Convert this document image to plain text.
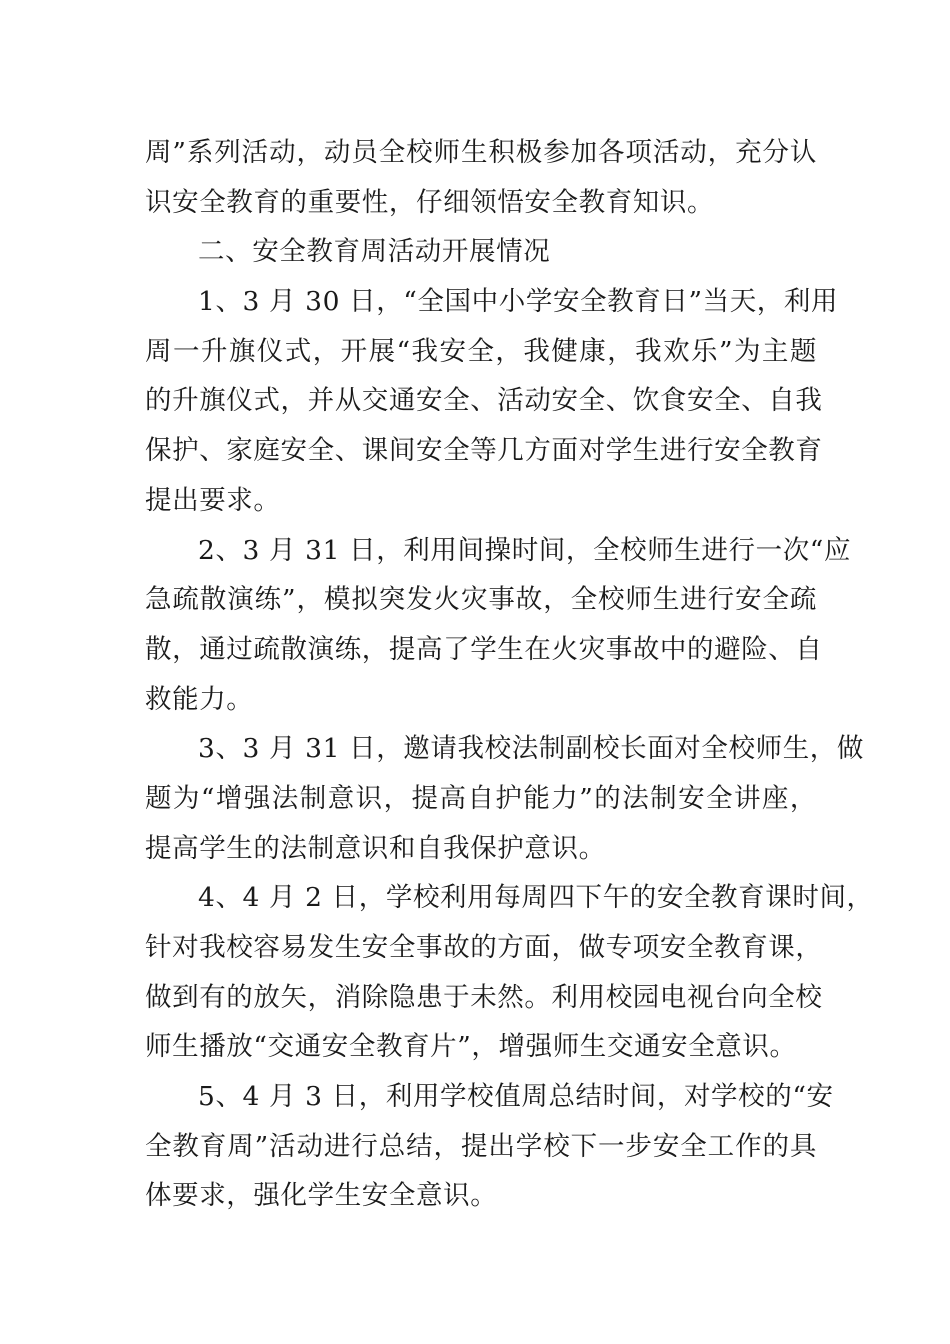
周”系列活动，动员全校师生积极参加各项活动，充分认
识安全教育的重要性，仔细领悟安全教育知识。
二、安全教育周活动开展情况
1、3 月 30 日，“全国中小学安全教育日”当天，利用
周一升旗仪式，开展“我安全，我健康，我欢乐”为主题
的升旗仪式，并从交通安全、活动安全、饮食安全、自我
保护、家庭安全、课间安全等几方面对学生进行安全教育
提出要求。
2、3 月 31 日，利用间操时间，全校师生进行一次“应
急疏散演练”，模拟突发火灾事故，全校师生进行安全疏
散，通过疏散演练，提高了学生在火灾事故中的避险、自
救能力。
3、3 月 31 日，邀请我校法制副校长面对全校师生，做
题为“增强法制意识，提高自护能力”的法制安全讲座，
提高学生的法制意识和自我保护意识。
4、4 月 2 日，学校利用每周四下午的安全教育课时间，
针对我校容易发生安全事故的方面，做专项安全教育课，
做到有的放矢，消除隐患于未然。利用校园电视台向全校
师生播放“交通安全教育片”，增强师生交通安全意识。
5、4 月 3 日，利用学校值周总结时间，对学校的“安
全教育周”活动进行总结，提出学校下一步安全工作的具
体要求，强化学生安全意识。
